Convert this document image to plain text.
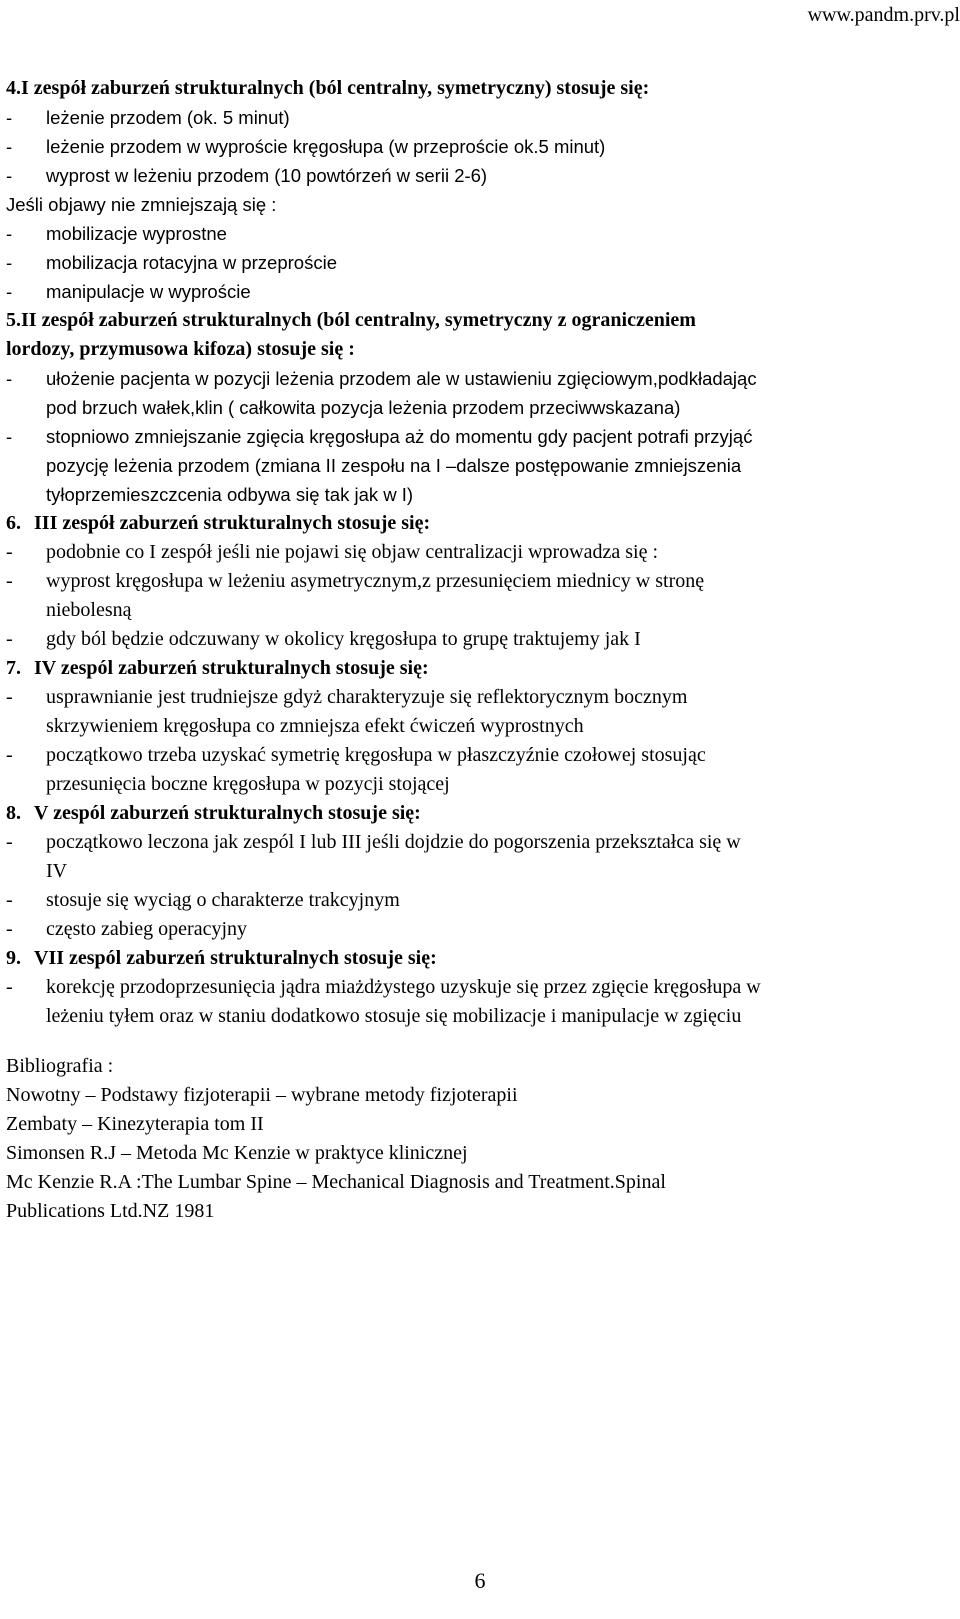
www.pandm.prv.pl
4.I zespół zaburzeń strukturalnych (ból centralny, symetryczny) stosuje się:
-	leżenie przodem (ok. 5 minut)
-	leżenie przodem w wyproście kręgosłupa (w przeproście ok.5 minut)
-	wyprost w leżeniu przodem (10 powtórzeń w serii 2-6)
Jeśli objawy nie zmniejszają się :
-	mobilizacje wyprostne
-	mobilizacja rotacyjna w przeproście
-	manipulacje w wyproście
5.II zespół zaburzeń strukturalnych (ból centralny, symetryczny z ograniczeniem
lordozy, przymusowa kifoza) stosuje się :
-	ułożenie pacjenta w pozycji leżenia przodem ale w ustawieniu zgięciowym,podkładając
pod brzuch wałek,klin ( całkowita pozycja leżenia przodem przeciwwskazana)
-	stopniowo zmniejszanie zgięcia kręgosłupa aż do momentu gdy pacjent potrafi przyjąć
pozycję leżenia przodem (zmiana II zespołu na I –dalsze postępowanie zmniejszenia
tyłoprzemieszczcenia odbywa się tak jak w I)
6. III zespół zaburzeń strukturalnych stosuje się:
-	podobnie co I zespół jeśli nie pojawi się objaw centralizacji wprowadza się :
-	wyprost kręgosłupa w leżeniu asymetrycznym,z przesunięciem miednicy w stronę
niebolesną
-	gdy ból będzie odczuwany w okolicy kręgosłupa to grupę traktujemy jak I
7. IV zespól zaburzeń strukturalnych stosuje się:
-	usprawnianie jest trudniejsze gdyż charakteryzuje się reflektorycznym bocznym
skrzywieniem kręgosłupa co zmniejsza efekt ćwiczeń wyprostnych
-	początkowo trzeba uzyskać symetrię kręgosłupa w płaszczyźnie czołowej stosując
przesunięcia boczne kręgosłupa w pozycji stojącej
8. V zespól zaburzeń strukturalnych stosuje się:
-	początkowo leczona jak zespól I lub III jeśli dojdzie do pogorszenia przekształca się w
IV
-	stosuje się wyciąg o charakterze trakcyjnym
-	często zabieg operacyjny
9. VII zespól zaburzeń strukturalnych stosuje się:
-	korekcję przodoprzesunięcia jądra miażdżystego uzyskuje się przez zgięcie kręgosłupa w
leżeniu tyłem oraz w staniu dodatkowo stosuje się mobilizacje i manipulacje w zgięciu
Bibliografia :
Nowotny – Podstawy fizjoterapii – wybrane metody fizjoterapii
Zembaty – Kinezyterapia tom II
Simonsen R.J – Metoda Mc Kenzie w praktyce klinicznej
Mc Kenzie R.A :The Lumbar Spine – Mechanical Diagnosis and Treatment.Spinal
Publications Ltd.NZ 1981
6
